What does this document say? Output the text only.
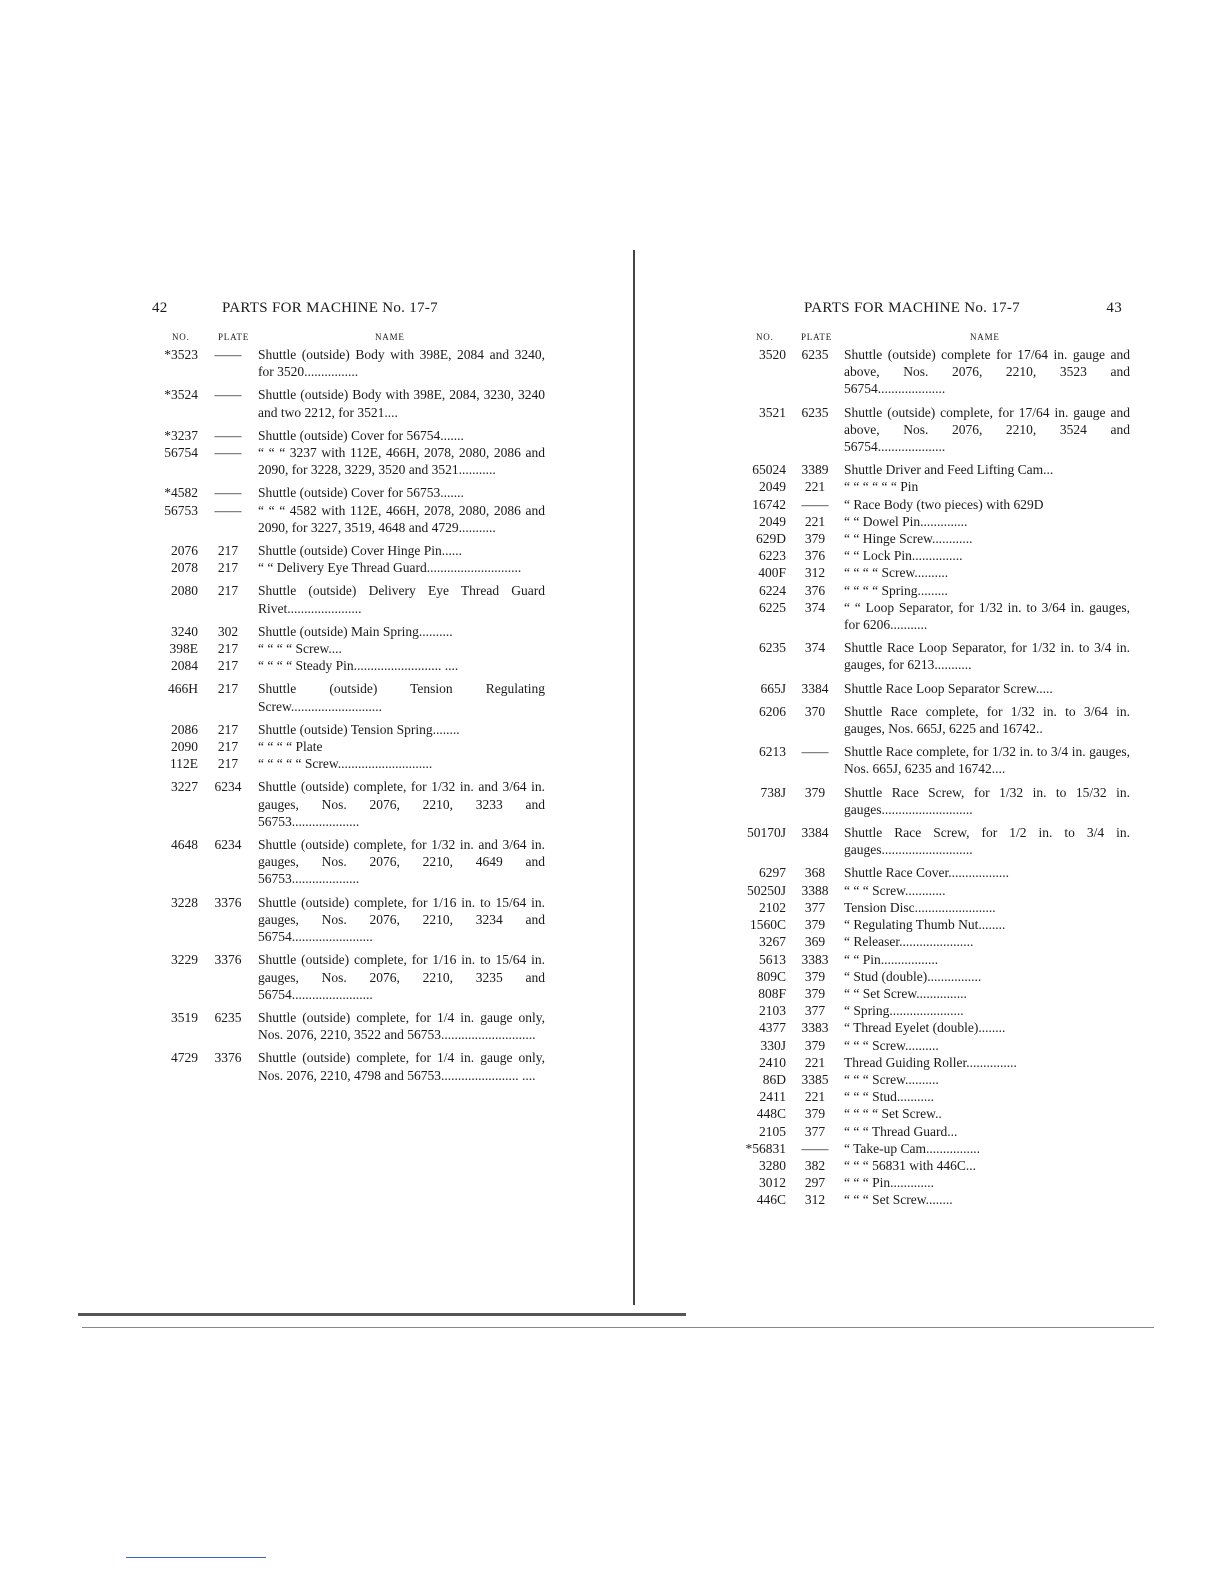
42	PARTS FOR MACHINE No. 17-7
NO.	PLATE	NAME
*3523	——	Shuttle (outside) Body with 398E, 2084 and 3240, for 3520................
*3524	——	Shuttle (outside) Body with 398E, 2084, 3230, 3240 and two 2212, for 3521....
*3237	——	Shuttle (outside) Cover for 56754.......
56754	——	“ “ “ 3237 with 112E, 466H, 2078, 2080, 2086 and 2090, for 3228, 3229, 3520 and 3521...........
*4582	——	Shuttle (outside) Cover for 56753.......
56753	——	“ “ “ 4582 with 112E, 466H, 2078, 2080, 2086 and 2090, for 3227, 3519, 4648 and 4729...........
2076	217	Shuttle (outside) Cover Hinge Pin......
2078	217	“ “ Delivery Eye Thread Guard............................
2080	217	Shuttle (outside) Delivery Eye Thread Guard Rivet......................
3240	302	Shuttle (outside) Main Spring..........
398E	217	“ “ “ “ Screw....
2084	217	“ “ “ “ Steady Pin.......................... ....
466H	217	Shuttle (outside) Tension Regulating Screw...........................
2086	217	Shuttle (outside) Tension Spring........
2090	217	“ “ “ “ Plate
112E	217	“ “ “ “ “ Screw............................
3227	6234	Shuttle (outside) complete, for 1/32 in. and 3/64 in. gauges, Nos. 2076, 2210, 3233 and 56753....................
4648	6234	Shuttle (outside) complete, for 1/32 in. and 3/64 in. gauges, Nos. 2076, 2210, 4649 and 56753....................
3228	3376	Shuttle (outside) complete, for 1/16 in. to 15/64 in. gauges, Nos. 2076, 2210, 3234 and 56754........................
3229	3376	Shuttle (outside) complete, for 1/16 in. to 15/64 in. gauges, Nos. 2076, 2210, 3235 and 56754........................
3519	6235	Shuttle (outside) complete, for 1/4 in. gauge only, Nos. 2076, 2210, 3522 and 56753............................
4729	3376	Shuttle (outside) complete, for 1/4 in. gauge only, Nos. 2076, 2210, 4798 and 56753....................... ....
PARTS FOR MACHINE No. 17-7	43
NO.	PLATE	NAME
3520	6235	Shuttle (outside) complete for 17/64 in. gauge and above, Nos. 2076, 2210, 3523 and 56754....................
3521	6235	Shuttle (outside) complete, for 17/64 in. gauge and above, Nos. 2076, 2210, 3524 and 56754....................
65024	3389	Shuttle Driver and Feed Lifting Cam...
2049	221	“ “ “ “ “ “ Pin
16742	——	“ Race Body (two pieces) with 629D
2049	221	“ “ Dowel Pin..............
629D	379	“ “ Hinge Screw............
6223	376	“ “ Lock Pin...............
400F	312	“ “ “ “ Screw..........
6224	376	“ “ “ “ Spring.........
6225	374	“ “ Loop Separator, for 1/32 in. to 3/64 in. gauges, for 6206...........
6235	374	Shuttle Race Loop Separator, for 1/32 in. to 3/4 in. gauges, for 6213...........
665J	3384	Shuttle Race Loop Separator Screw.....
6206	370	Shuttle Race complete, for 1/32 in. to 3/64 in. gauges, Nos. 665J, 6225 and 16742..
6213	——	Shuttle Race complete, for 1/32 in. to 3/4 in. gauges, Nos. 665J, 6235 and 16742....
738J	379	Shuttle Race Screw, for 1/32 in. to 15/32 in. gauges...........................
50170J	3384	Shuttle Race Screw, for 1/2 in. to 3/4 in. gauges...........................
6297	368	Shuttle Race Cover..................
50250J	3388	“ “ “ Screw............
2102	377	Tension Disc........................
1560C	379	“ Regulating Thumb Nut........
3267	369	“ Releaser......................
5613	3383	“ “ Pin.................
809C	379	“ Stud (double)................
808F	379	“ “ Set Screw...............
2103	377	“ Spring......................
4377	3383	“ Thread Eyelet (double)........
330J	379	“ “ “ Screw..........
2410	221	Thread Guiding Roller...............
86D	3385	“ “ “ Screw..........
2411	221	“ “ “ Stud...........
448C	379	“ “ “ “ Set Screw..
2105	377	“ “ “ Thread Guard...
*56831	——	“ Take-up Cam................
3280	382	“ “ “ 56831 with 446C...
3012	297	“ “ “ Pin.............
446C	312	“ “ “ Set Screw........
